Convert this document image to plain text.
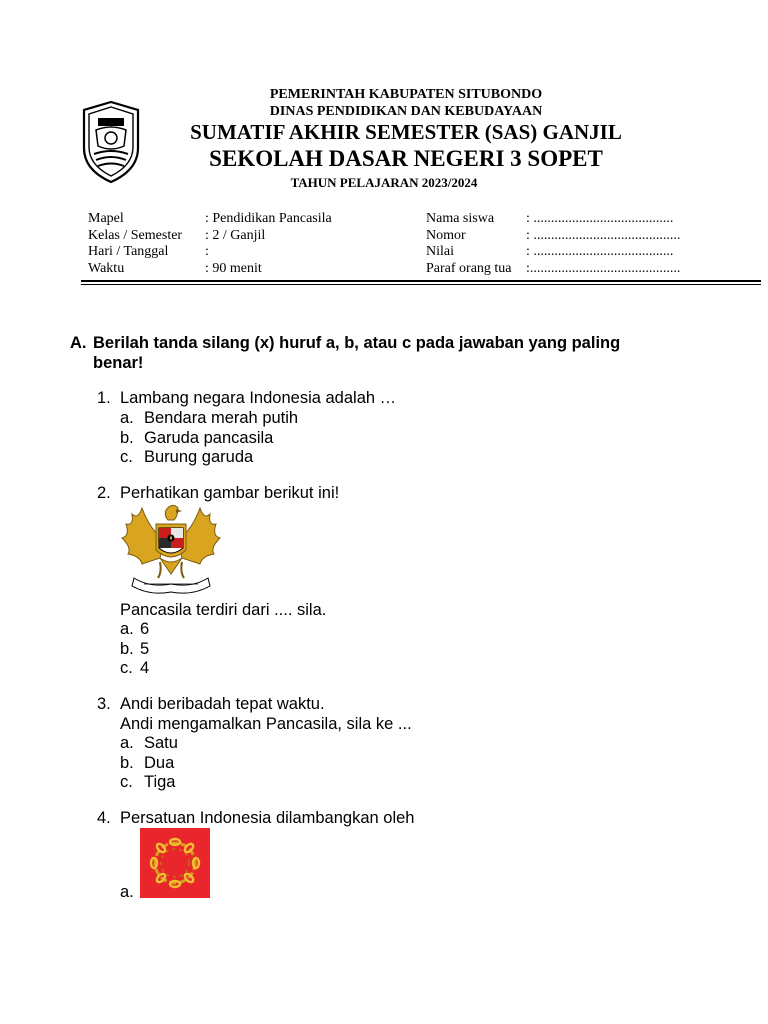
PEMERINTAH KABUPATEN SITUBONDO
DINAS PENDIDIKAN DAN KEBUDAYAAN
SUMATIF AKHIR SEMESTER (SAS) GANJIL
SEKOLAH DASAR NEGERI 3 SOPET
TAHUN PELAJARAN 2023/2024
Mapel
Kelas / Semester
Hari / Tanggal
Waktu
: Pendidikan Pancasila
: 2 / Ganjil
:
: 90 menit
Nama siswa
Nomor
Nilai
Paraf orang tua
: ........................................
: ..........................................
: ........................................
:...........................................
A. Berilah tanda silang (x) huruf a, b, atau c pada jawaban yang paling
benar!
1. Lambang negara Indonesia adalah …
a. Bendara merah putih
b. Garuda pancasila
c. Burung garuda
2. Perhatikan gambar berikut ini!
Pancasila terdiri dari .... sila.
a. 6
b. 5
c. 4
3. Andi beribadah tepat waktu.
Andi mengamalkan Pancasila, sila ke ...
a. Satu
b. Dua
c. Tiga
4. Persatuan Indonesia dilambangkan oleh
a.
